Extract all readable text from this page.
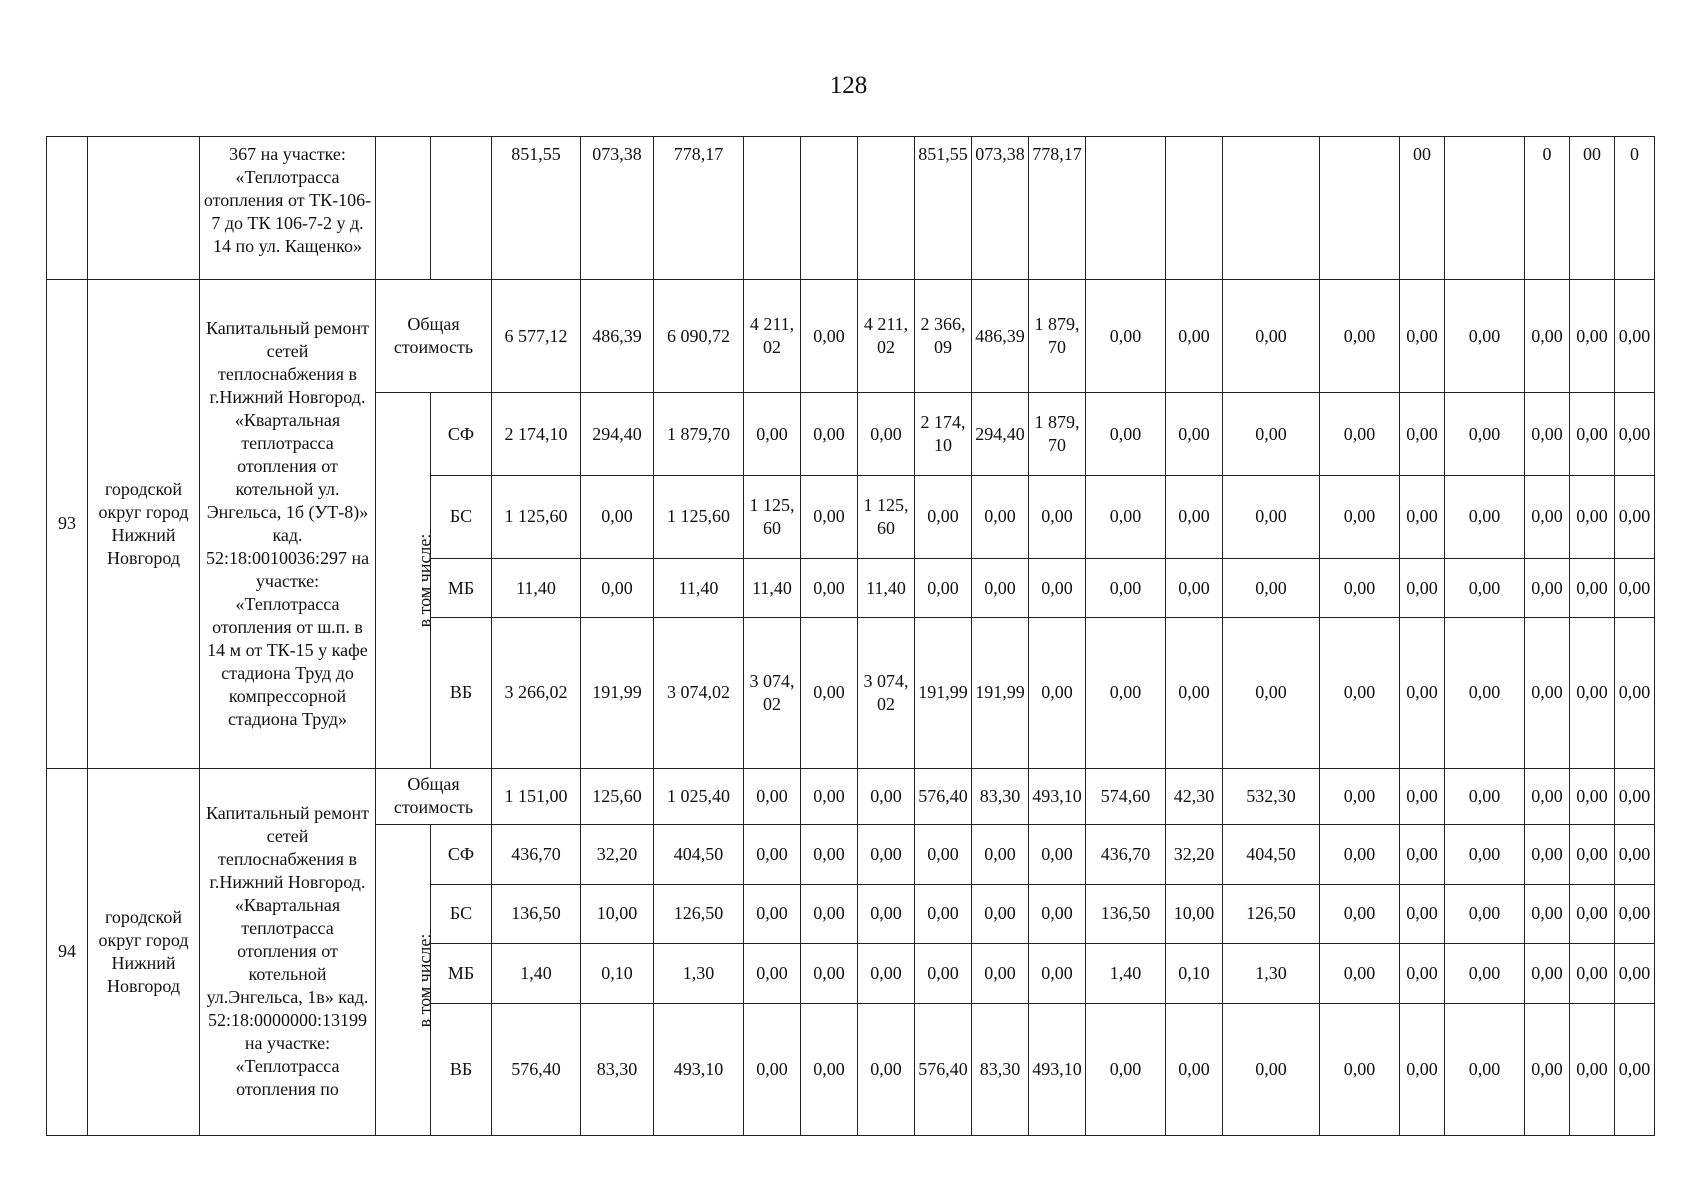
128
		367 на участке: «Теплотрасса отопления от ТК-106-7 до ТК 106-7-2 у д. 14 по ул. Кащенко»			851,55	073,38	778,17				851,55	073,38	778,17					00		0	00	0
93	городской округ город Нижний Новгород	Капитальный ремонт сетей теплоснабжения в г.Нижний Новгород. «Квартальная теплотрасса отопления от котельной ул. Энгельса, 1б (УТ-8)» кад. 52:18:0010036:297 на участке: «Теплотрасса отопления от ш.п. в 14 м от ТК-15 у кафе стадиона Труд до компрессорной стадиона Труд»	Общая стоимость		6 577,12	486,39	6 090,72	4 211,02	0,00	4 211,02	2 366,09	486,39	1 879,70	0,00	0,00	0,00	0,00	0,00	0,00	0,00	0,00	0,00
			в том числе:	СФ	2 174,10	294,40	1 879,70	0,00	0,00	0,00	2 174,10	294,40	1 879,70	0,00	0,00	0,00	0,00	0,00	0,00	0,00	0,00	0,00
				БС	1 125,60	0,00	1 125,60	1 125,60	0,00	1 125,60	0,00	0,00	0,00	0,00	0,00	0,00	0,00	0,00	0,00	0,00	0,00	0,00
				МБ	11,40	0,00	11,40	11,40	0,00	11,40	0,00	0,00	0,00	0,00	0,00	0,00	0,00	0,00	0,00	0,00	0,00	0,00
				ВБ	3 266,02	191,99	3 074,02	3 074,02	0,00	3 074,02	191,99	191,99	0,00	0,00	0,00	0,00	0,00	0,00	0,00	0,00	0,00	0,00
94	городской округ город Нижний Новгород	Капитальный ремонт сетей теплоснабжения в г.Нижний Новгород. «Квартальная теплотрасса отопления от котельной ул.Энгельса, 1в» кад. 52:18:0000000:13199 на участке: «Теплотрасса отопления по	Общая стоимость		1 151,00	125,60	1 025,40	0,00	0,00	0,00	576,40	83,30	493,10	574,60	42,30	532,30	0,00	0,00	0,00	0,00	0,00	0,00
			в том числе:	СФ	436,70	32,20	404,50	0,00	0,00	0,00	0,00	0,00	0,00	436,70	32,20	404,50	0,00	0,00	0,00	0,00	0,00	0,00
				БС	136,50	10,00	126,50	0,00	0,00	0,00	0,00	0,00	0,00	136,50	10,00	126,50	0,00	0,00	0,00	0,00	0,00	0,00
				МБ	1,40	0,10	1,30	0,00	0,00	0,00	0,00	0,00	0,00	1,40	0,10	1,30	0,00	0,00	0,00	0,00	0,00	0,00
				ВБ	576,40	83,30	493,10	0,00	0,00	0,00	576,40	83,30	493,10	0,00	0,00	0,00	0,00	0,00	0,00	0,00	0,00	0,00
